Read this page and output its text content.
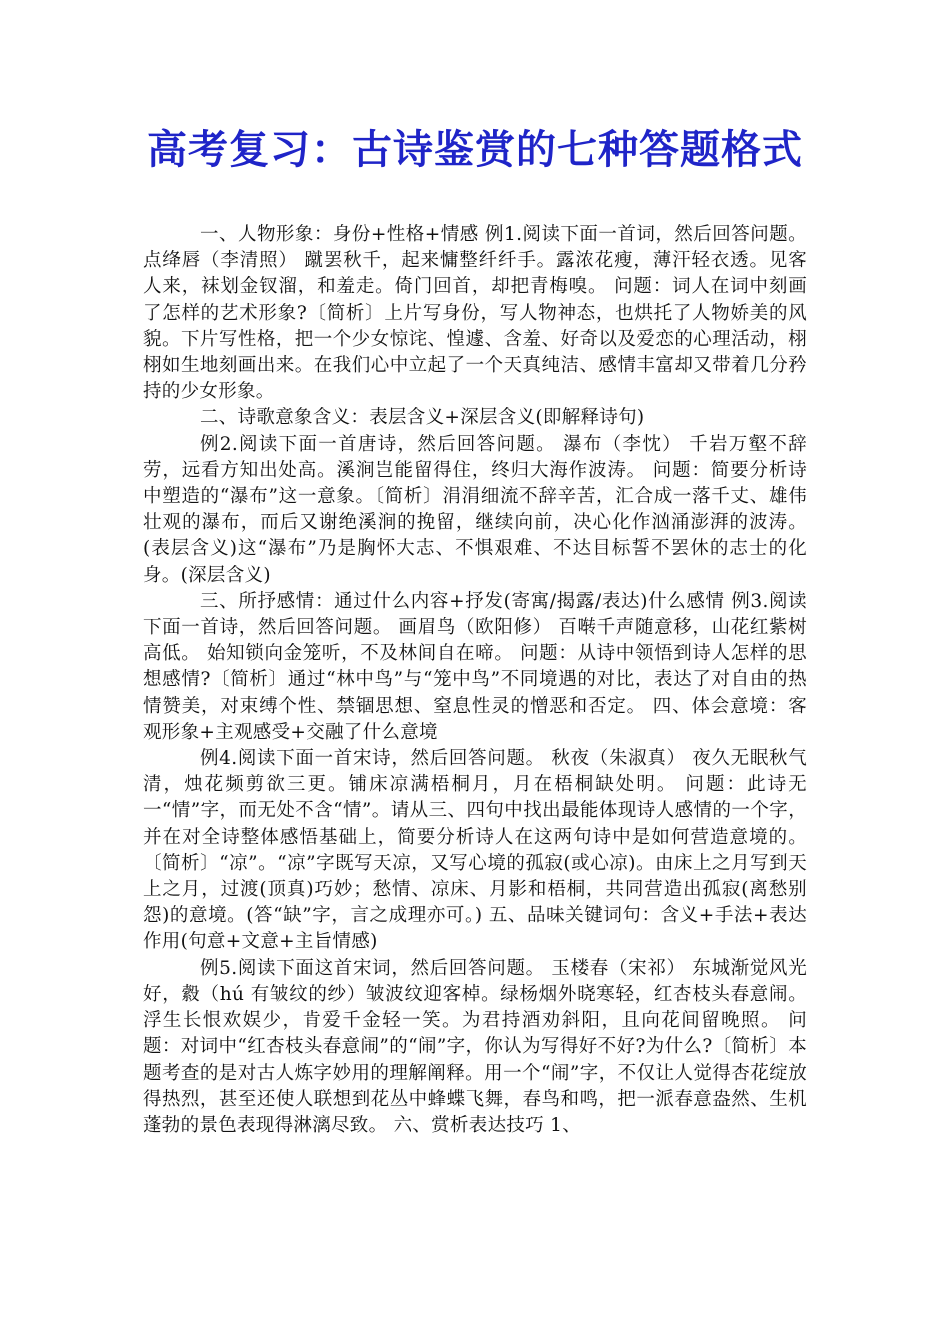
高考复习：古诗鉴赏的七种答题格式

一、人物形象：身份+性格+情感 例1.阅读下面一首词，然后回答问题。 点绛唇（李清照） 蹴罢秋千，起来慵整纤纤手。露浓花瘦，薄汗轻衣透。见客人来，袜划金钗溜，和羞走。倚门回首，却把青梅嗅。 问题：词人在词中刻画了怎样的艺术形象?〔简析〕上片写身份，写人物神态，也烘托了人物娇美的风貌。下片写性格，把一个少女惊诧、惶遽、含羞、好奇以及爱恋的心理活动，栩栩如生地刻画出来。在我们心中立起了一个天真纯洁、感情丰富却又带着几分矜持的少女形象。

二、诗歌意象含义：表层含义+深层含义(即解释诗句)

例2.阅读下面一首唐诗，然后回答问题。 瀑布（李忱） 千岩万壑不辞劳，远看方知出处高。溪涧岂能留得住，终归大海作波涛。 问题：简要分析诗中塑造的“瀑布”这一意象。〔简析〕涓涓细流不辞辛苦，汇合成一落千丈、雄伟壮观的瀑布，而后又谢绝溪涧的挽留，继续向前，决心化作汹涌澎湃的波涛。(表层含义)这“瀑布”乃是胸怀大志、不惧艰难、不达目标誓不罢休的志士的化身。(深层含义)

三、所抒感情：通过什么内容+抒发(寄寓/揭露/表达)什么感情 例3.阅读下面一首诗，然后回答问题。 画眉鸟（欧阳修） 百啭千声随意移，山花红紫树高低。 始知锁向金笼听，不及林间自在啼。 问题：从诗中领悟到诗人怎样的思想感情?〔简析〕通过“林中鸟”与“笼中鸟”不同境遇的对比，表达了对自由的热情赞美，对束缚个性、禁锢思想、窒息性灵的憎恶和否定。 四、体会意境：客观形象+主观感受+交融了什么意境

例4.阅读下面一首宋诗，然后回答问题。 秋夜（朱淑真） 夜久无眠秋气清，烛花频剪欲三更。铺床凉满梧桐月，月在梧桐缺处明。 问题：此诗无一“情”字，而无处不含“情”。请从三、四句中找出最能体现诗人感情的一个字，并在对全诗整体感悟基础上，简要分析诗人在这两句诗中是如何营造意境的。〔简析〕“凉”。“凉”字既写天凉，又写心境的孤寂(或心凉)。由床上之月写到天上之月，过渡(顶真)巧妙；愁情、凉床、月影和梧桐，共同营造出孤寂(离愁别怨)的意境。(答“缺”字，言之成理亦可。) 五、品味关键词句：含义+手法+表达作用(句意+文意+主旨情感)

例5.阅读下面这首宋词，然后回答问题。 玉楼春（宋祁） 东城渐觉风光好，縠（hú 有皱纹的纱）皱波纹迎客棹。绿杨烟外晓寒轻，红杏枝头春意闹。浮生长恨欢娱少，肯爱千金轻一笑。为君持酒劝斜阳，且向花间留晚照。 问题：对词中“红杏枝头春意闹”的“闹”字，你认为写得好不好?为什么?〔简析〕本题考查的是对古人炼字妙用的理解阐释。用一个“闹”字，不仅让人觉得杏花绽放得热烈，甚至还使人联想到花丛中蜂蝶飞舞，春鸟和鸣，把一派春意盎然、生机蓬勃的景色表现得淋漓尽致。 六、赏析表达技巧 1、
